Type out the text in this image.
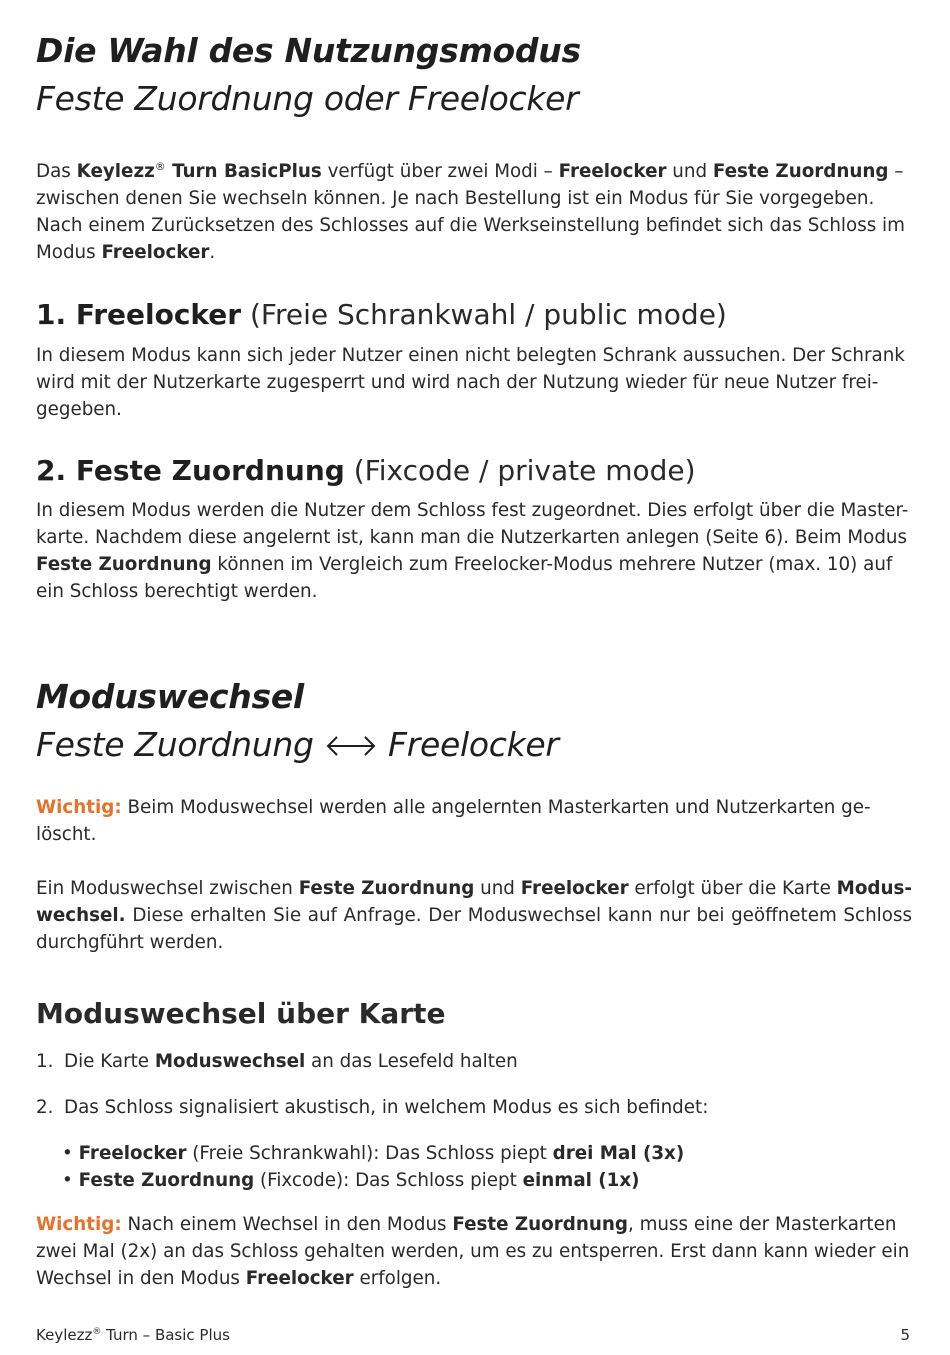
Die Wahl des Nutzungsmodus
Feste Zuordnung oder Freelocker

Das Keylezz® Turn BasicPlus verfügt über zwei Modi – Freelocker und Feste Zuordnung – zwischen denen Sie wechseln können. Je nach Bestellung ist ein Modus für Sie vorgegeben. Nach einem Zurücksetzen des Schlosses auf die Werkseinstellung befindet sich das Schloss im Modus Freelocker.

1. Freelocker (Freie Schrankwahl / public mode)

In diesem Modus kann sich jeder Nutzer einen nicht belegten Schrank aussuchen. Der Schrank wird mit der Nutzerkarte zugesperrt und wird nach der Nutzung wieder für neue Nutzer frei-gegeben.

2. Feste Zuordnung (Fixcode / private mode)

In diesem Modus werden die Nutzer dem Schloss fest zugeordnet. Dies erfolgt über die Master-karte. Nachdem diese angelernt ist, kann man die Nutzerkarten anlegen (Seite 6). Beim Modus Feste Zuordnung können im Vergleich zum Freelocker-Modus mehrere Nutzer (max. 10) auf ein Schloss berechtigt werden.

Moduswechsel
Feste Zuordnung Freelocker

Wichtig: Beim Moduswechsel werden alle angelernten Masterkarten und Nutzerkarten ge-löscht.

Ein Moduswechsel zwischen Feste Zuordnung und Freelocker erfolgt über die Karte Modus-wechsel. Diese erhalten Sie auf Anfrage. Der Moduswechsel kann nur bei geöffnetem Schloss durchgführt werden.

Moduswechsel über Karte
1. Die Karte Moduswechsel an das Lesefeld halten
2. Das Schloss signalisiert akustisch, in welchem Modus es sich befindet:
• Freelocker (Freie Schrankwahl): Das Schloss piept drei Mal (3x)
• Feste Zuordnung (Fixcode): Das Schloss piept einmal (1x)

Wichtig: Nach einem Wechsel in den Modus Feste Zuordnung, muss eine der Masterkarten zwei Mal (2x) an das Schloss gehalten werden, um es zu entsperren. Erst dann kann wieder ein Wechsel in den Modus Freelocker erfolgen.

Keylezz® Turn – Basic Plus	5
